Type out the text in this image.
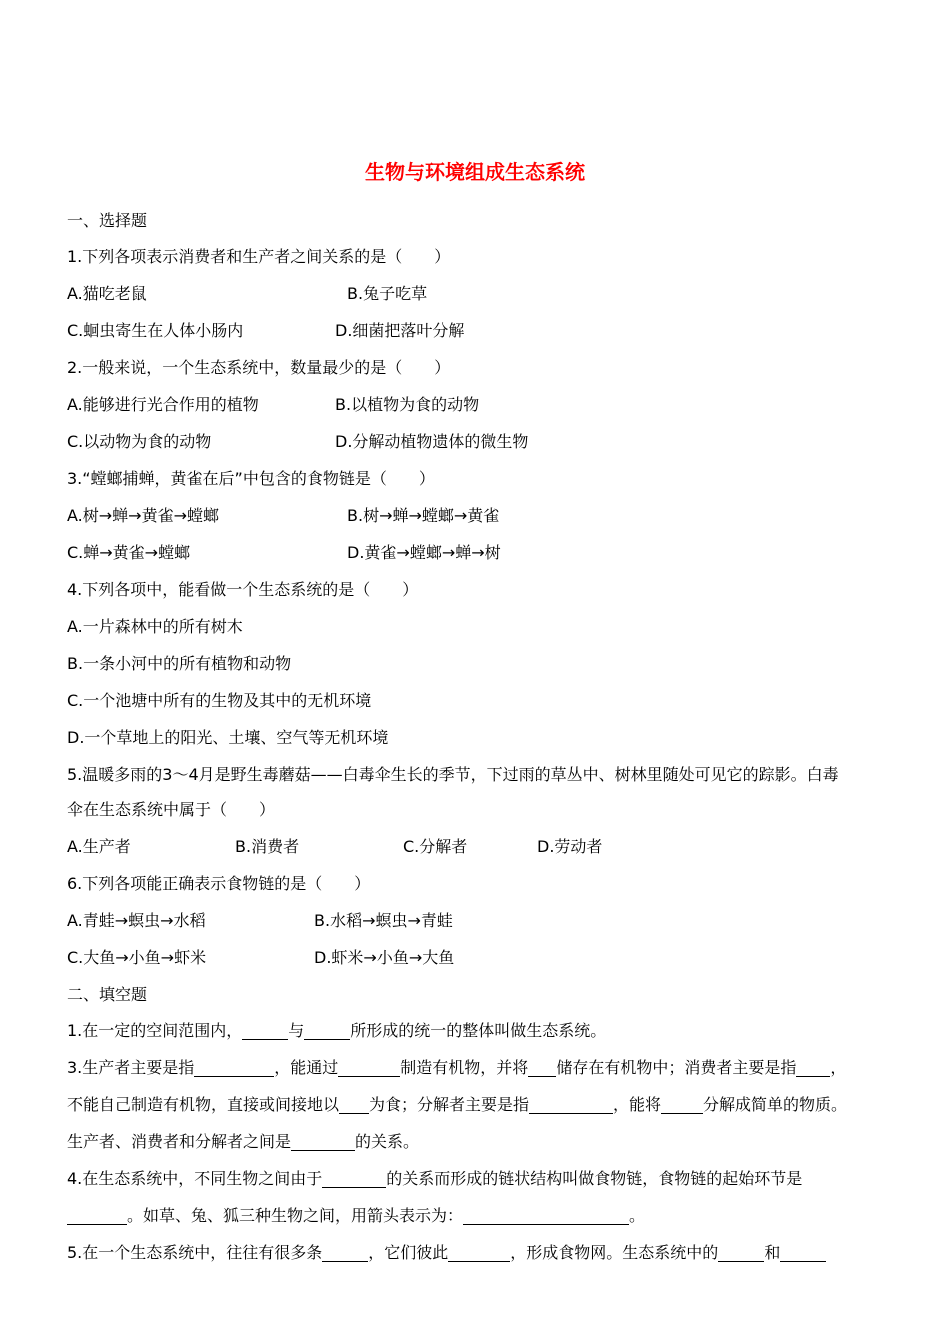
生物与环境组成生态系统
一、选择题
1.下列各项表示消费者和生产者之间关系的是（　　）
A.猫吃老鼠	B.兔子吃草
C.蛔虫寄生在人体小肠内	D.细菌把落叶分解
2.一般来说，一个生态系统中，数量最少的是（　　）
A.能够进行光合作用的植物	B.以植物为食的动物
C.以动物为食的动物	D.分解动植物遗体的微生物
3.“螳螂捕蝉，黄雀在后”中包含的食物链是（　　）
A.树→蝉→黄雀→螳螂	B.树→蝉→螳螂→黄雀
C.蝉→黄雀→螳螂	D.黄雀→螳螂→蝉→树
4.下列各项中，能看做一个生态系统的是（　　）
A.一片森林中的所有树木
B.一条小河中的所有植物和动物
C.一个池塘中所有的生物及其中的无机环境
D.一个草地上的阳光、土壤、空气等无机环境
5.温暖多雨的3～4月是野生毒蘑菇——白毒伞生长的季节，下过雨的草丛中、树林里随处可见它的踪影。白毒
伞在生态系统中属于（　　）
A.生产者	B.消费者	C.分解者	D.劳动者
6.下列各项能正确表示食物链的是（　　）
A.青蛙→螟虫→水稻	B.水稻→螟虫→青蛙
C.大鱼→小鱼→虾米	D.虾米→小鱼→大鱼
二、填空题
1.在一定的空间范围内，	与	所形成的统一的整体叫做生态系统。
3.生产者主要是指	，能通过	制造有机物，并将 储存在有机物中；消费者主要是指 ，
不能自己制造有机物，直接或间接地以 为食；分解者主要是指	，能将	分解成简单的物质。
生产者、消费者和分解者之间是	的关系。
4.在生态系统中，不同生物之间由于	的关系而形成的链状结构叫做食物链，食物链的起始环节是
。如草、兔、狐三种生物之间，用箭头表示为：	。
5.在一个生态系统中，往往有很多条	，它们彼此	，形成食物网。生态系统中的	和
